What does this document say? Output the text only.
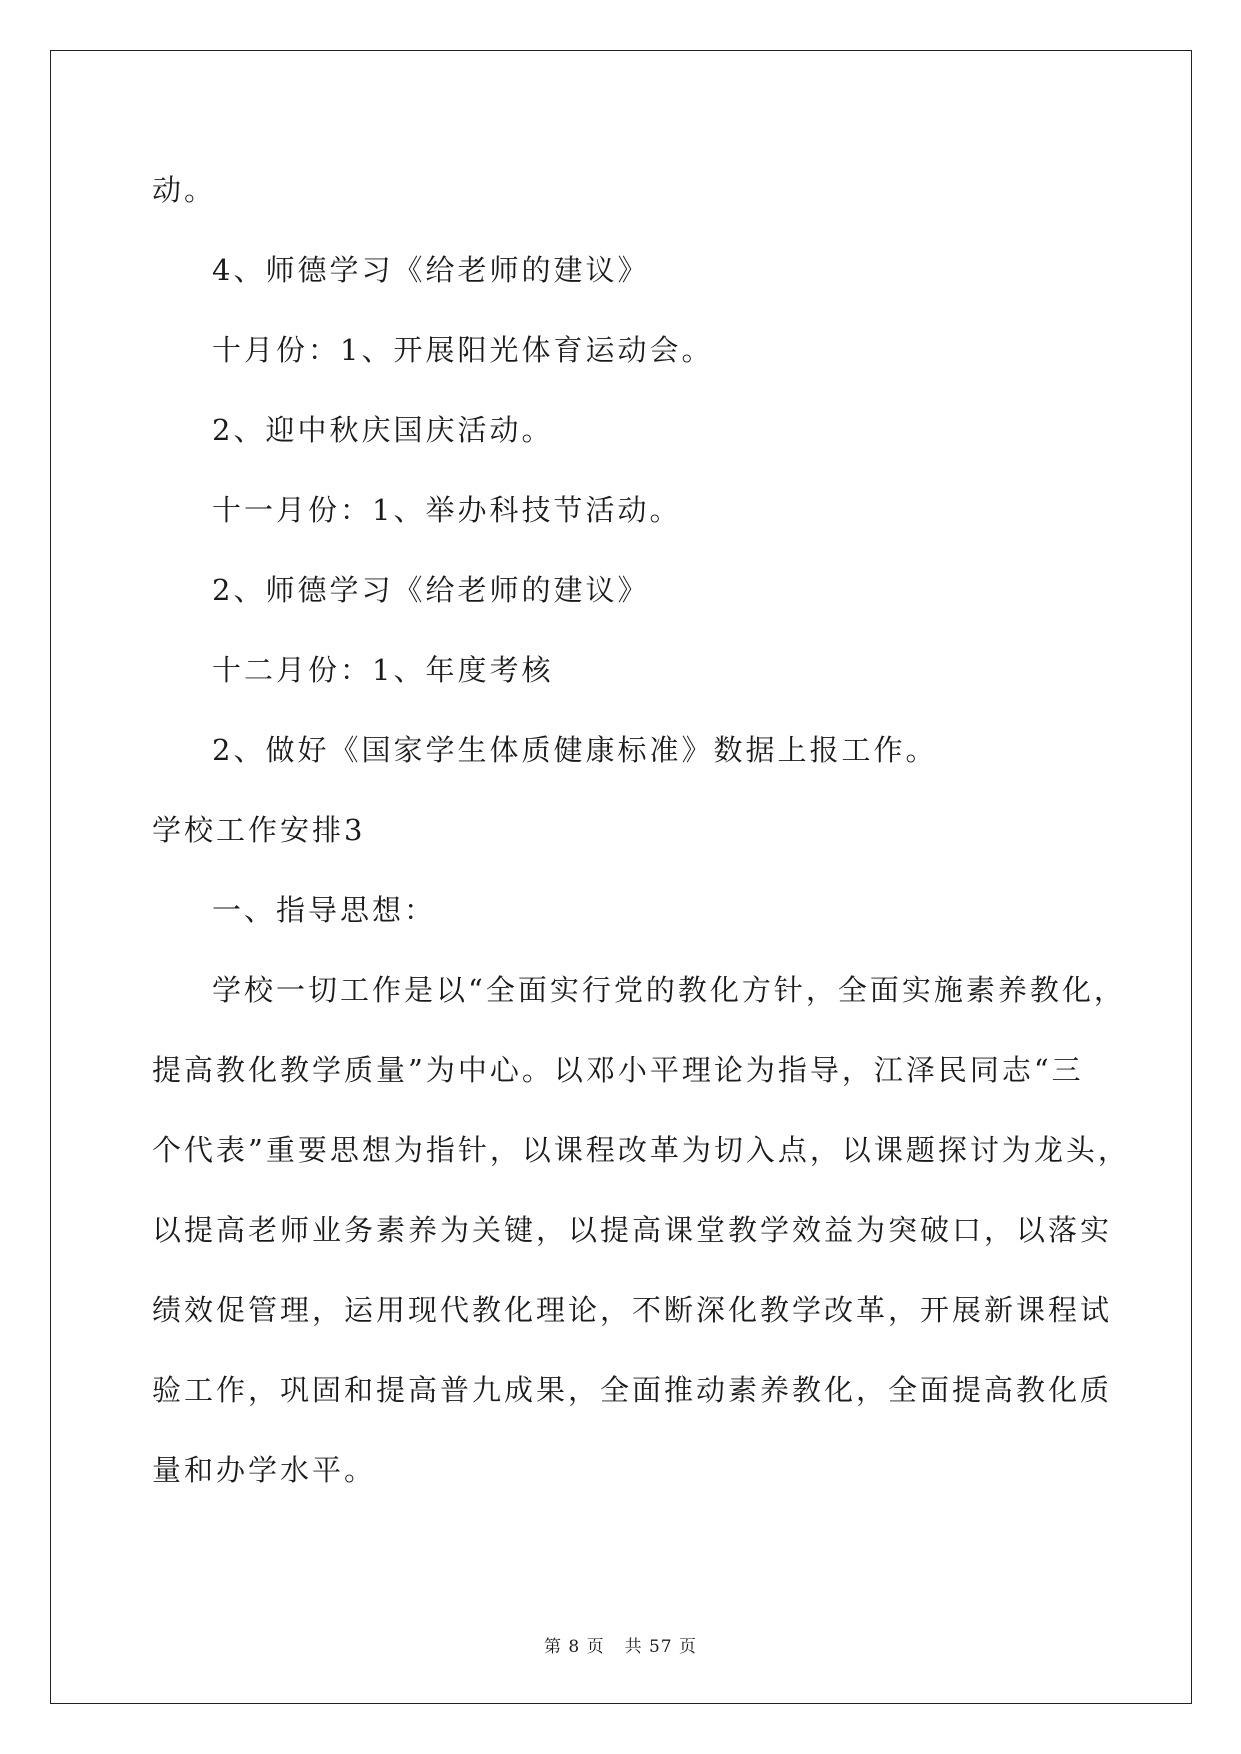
动。
4、师德学习《给老师的建议》
十月份：1、开展阳光体育运动会。
2、迎中秋庆国庆活动。
十一月份：1、举办科技节活动。
2、师德学习《给老师的建议》
十二月份：1、年度考核
2、做好《国家学生体质健康标准》数据上报工作。
学校工作安排3
一、指导思想：
学校一切工作是以“全面实行党的教化方针，全面实施素养教化，
提高教化教学质量”为中心。以邓小平理论为指导，江泽民同志“三
个代表”重要思想为指针，以课程改革为切入点，以课题探讨为龙头，
以提高老师业务素养为关键，以提高课堂教学效益为突破口，以落实
绩效促管理，运用现代教化理论，不断深化教学改革，开展新课程试
验工作，巩固和提高普九成果，全面推动素养教化，全面提高教化质
量和办学水平。
第 8 页 共 57 页
